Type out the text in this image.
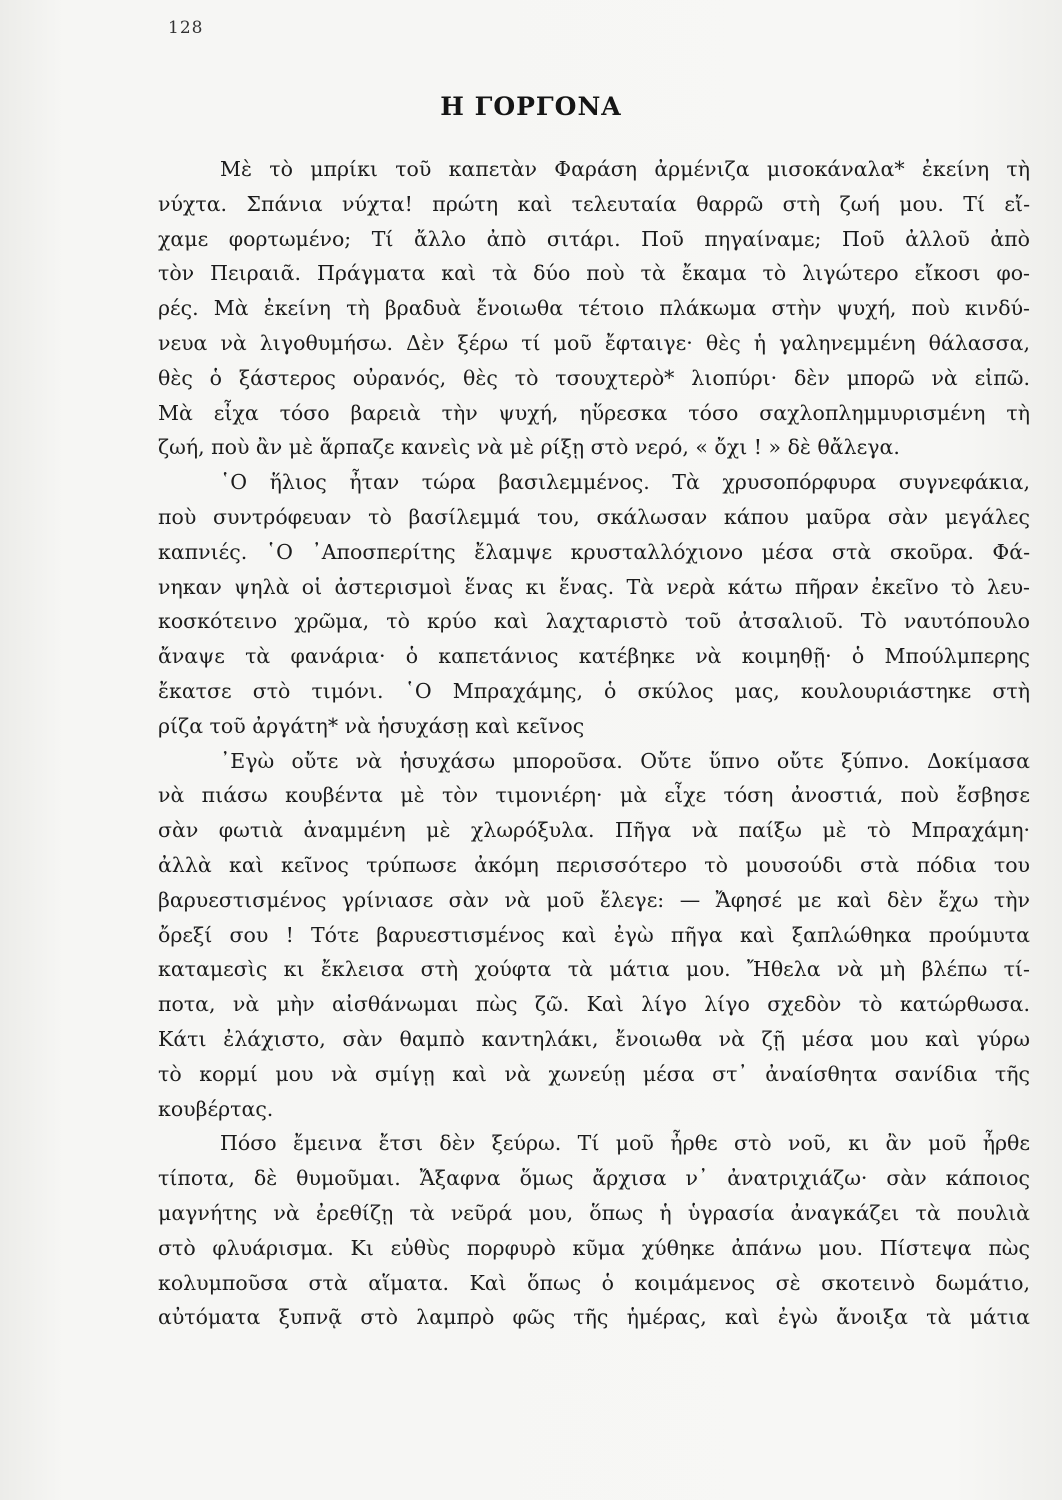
128
Η ΓΟΡΓΟΝΑ
Μὲ τὸ μπρίκι τοῦ καπετὰν Φαράση ἀρμένιζα μισοκάναλα* ἐκείνη τὴ
νύχτα. Σπάνια νύχτα! πρώτη καὶ τελευταία θαρρῶ στὴ ζωή μου. Τί εἴ-
χαμε φορτωμένο; Τί ἄλλο ἀπὸ σιτάρι. Ποῦ πηγαίναμε; Ποῦ ἀλλοῦ ἀπὸ
τὸν Πειραιᾶ. Πράγματα καὶ τὰ δύο ποὺ τὰ ἔκαμα τὸ λιγώτερο εἴκοσι φο-
ρές. Μὰ ἐκείνη τὴ βραδυὰ ἔνοιωθα τέτοιο πλάκωμα στὴν ψυχή, ποὺ κινδύ-
νευα νὰ λιγοθυμήσω. Δὲν ξέρω τί μοῦ ἔφταιγε· θὲς ἡ γαληνεμμένη θάλασσα,
θὲς ὁ ξάστερος οὐρανός, θὲς τὸ τσουχτερὸ* λιοπύρι· δὲν μπορῶ νὰ εἰπῶ.
Μὰ εἶχα τόσο βαρειὰ τὴν ψυχή, ηὕρεσκα τόσο σαχλοπλημμυρισμένη τὴ
ζωή, ποὺ ἂν μὲ ἅρπαζε κανεὶς νὰ μὲ ρίξῃ στὸ νερό, « ὄχι ! » δὲ θἄλεγα.
῾Ο ἥλιος ἦταν τώρα βασιλεμμένος. Τὰ χρυσοπόρφυρα συγνεφάκια,
ποὺ συντρόφευαν τὸ βασίλεμμά του, σκάλωσαν κάπου μαῦρα σὰν μεγάλες
καπνιές. ῾Ο ᾿Αποσπερίτης ἔλαμψε κρυσταλλόχιονο μέσα στὰ σκοῦρα. Φά-
νηκαν ψηλὰ οἱ ἀστερισμοὶ ἕνας κι ἕνας. Τὰ νερὰ κάτω πῆραν ἐκεῖνο τὸ λευ-
κοσκότεινο χρῶμα, τὸ κρύο καὶ λαχταριστὸ τοῦ ἀτσαλιοῦ. Τὸ ναυτόπουλο
ἄναψε τὰ φανάρια· ὁ καπετάνιος κατέβηκε νὰ κοιμηθῇ· ὁ Μπούλμπερης
ἔκατσε στὸ τιμόνι. ῾Ο Μπραχάμης, ὁ σκύλος μας, κουλουριάστηκε στὴ
ρίζα τοῦ ἀργάτη* νὰ ἡσυχάσῃ καὶ κεῖνος
᾿Εγὼ οὔτε νὰ ἡσυχάσω μποροῦσα. Οὔτε ὕπνο οὔτε ξύπνο. Δοκίμασα
νὰ πιάσω κουβέντα μὲ τὸν τιμονιέρη· μὰ εἶχε τόση ἀνοστιά, ποὺ ἔσβησε
σὰν φωτιὰ ἀναμμένη μὲ χλωρόξυλα. Πῆγα νὰ παίξω μὲ τὸ Μπραχάμη·
ἀλλὰ καὶ κεῖνος τρύπωσε ἀκόμη περισσότερο τὸ μουσούδι στὰ πόδια του
βαρυεστισμένος γρίνιασε σὰν νὰ μοῦ ἔλεγε: — Ἄφησέ με καὶ δὲν ἔχω τὴν
ὄρεξί σου ! Τότε βαρυεστισμένος καὶ ἐγὼ πῆγα καὶ ξαπλώθηκα προύμυτα
καταμεσὶς κι ἔκλεισα στὴ χούφτα τὰ μάτια μου. Ἤθελα νὰ μὴ βλέπω τί-
ποτα, νὰ μὴν αἰσθάνωμαι πὼς ζῶ. Καὶ λίγο λίγο σχεδὸν τὸ κατώρθωσα.
Κάτι ἐλάχιστο, σὰν θαμπὸ καντηλάκι, ἔνοιωθα νὰ ζῇ μέσα μου καὶ γύρω
τὸ κορμί μου νὰ σμίγῃ καὶ νὰ χωνεύῃ μέσα στ᾿ ἀναίσθητα σανίδια τῆς
κουβέρτας.
Πόσο ἔμεινα ἔτσι δὲν ξεύρω. Τί μοῦ ἦρθε στὸ νοῦ, κι ἂν μοῦ ἦρθε
τίποτα, δὲ θυμοῦμαι. Ἄξαφνα ὅμως ἄρχισα ν᾿ ἀνατριχιάζω· σὰν κάποιος
μαγνήτης νὰ ἐρεθίζῃ τὰ νεῦρά μου, ὅπως ἡ ὑγρασία ἀναγκάζει τὰ πουλιὰ
στὸ φλυάρισμα. Κι εὐθὺς πορφυρὸ κῦμα χύθηκε ἀπάνω μου. Πίστεψα πὼς
κολυμποῦσα στὰ αἵματα. Καὶ ὅπως ὁ κοιμάμενος σὲ σκοτεινὸ δωμάτιο,
αὐτόματα ξυπνᾷ στὸ λαμπρὸ φῶς τῆς ἡμέρας, καὶ ἐγὼ ἄνοιξα τὰ μάτια
